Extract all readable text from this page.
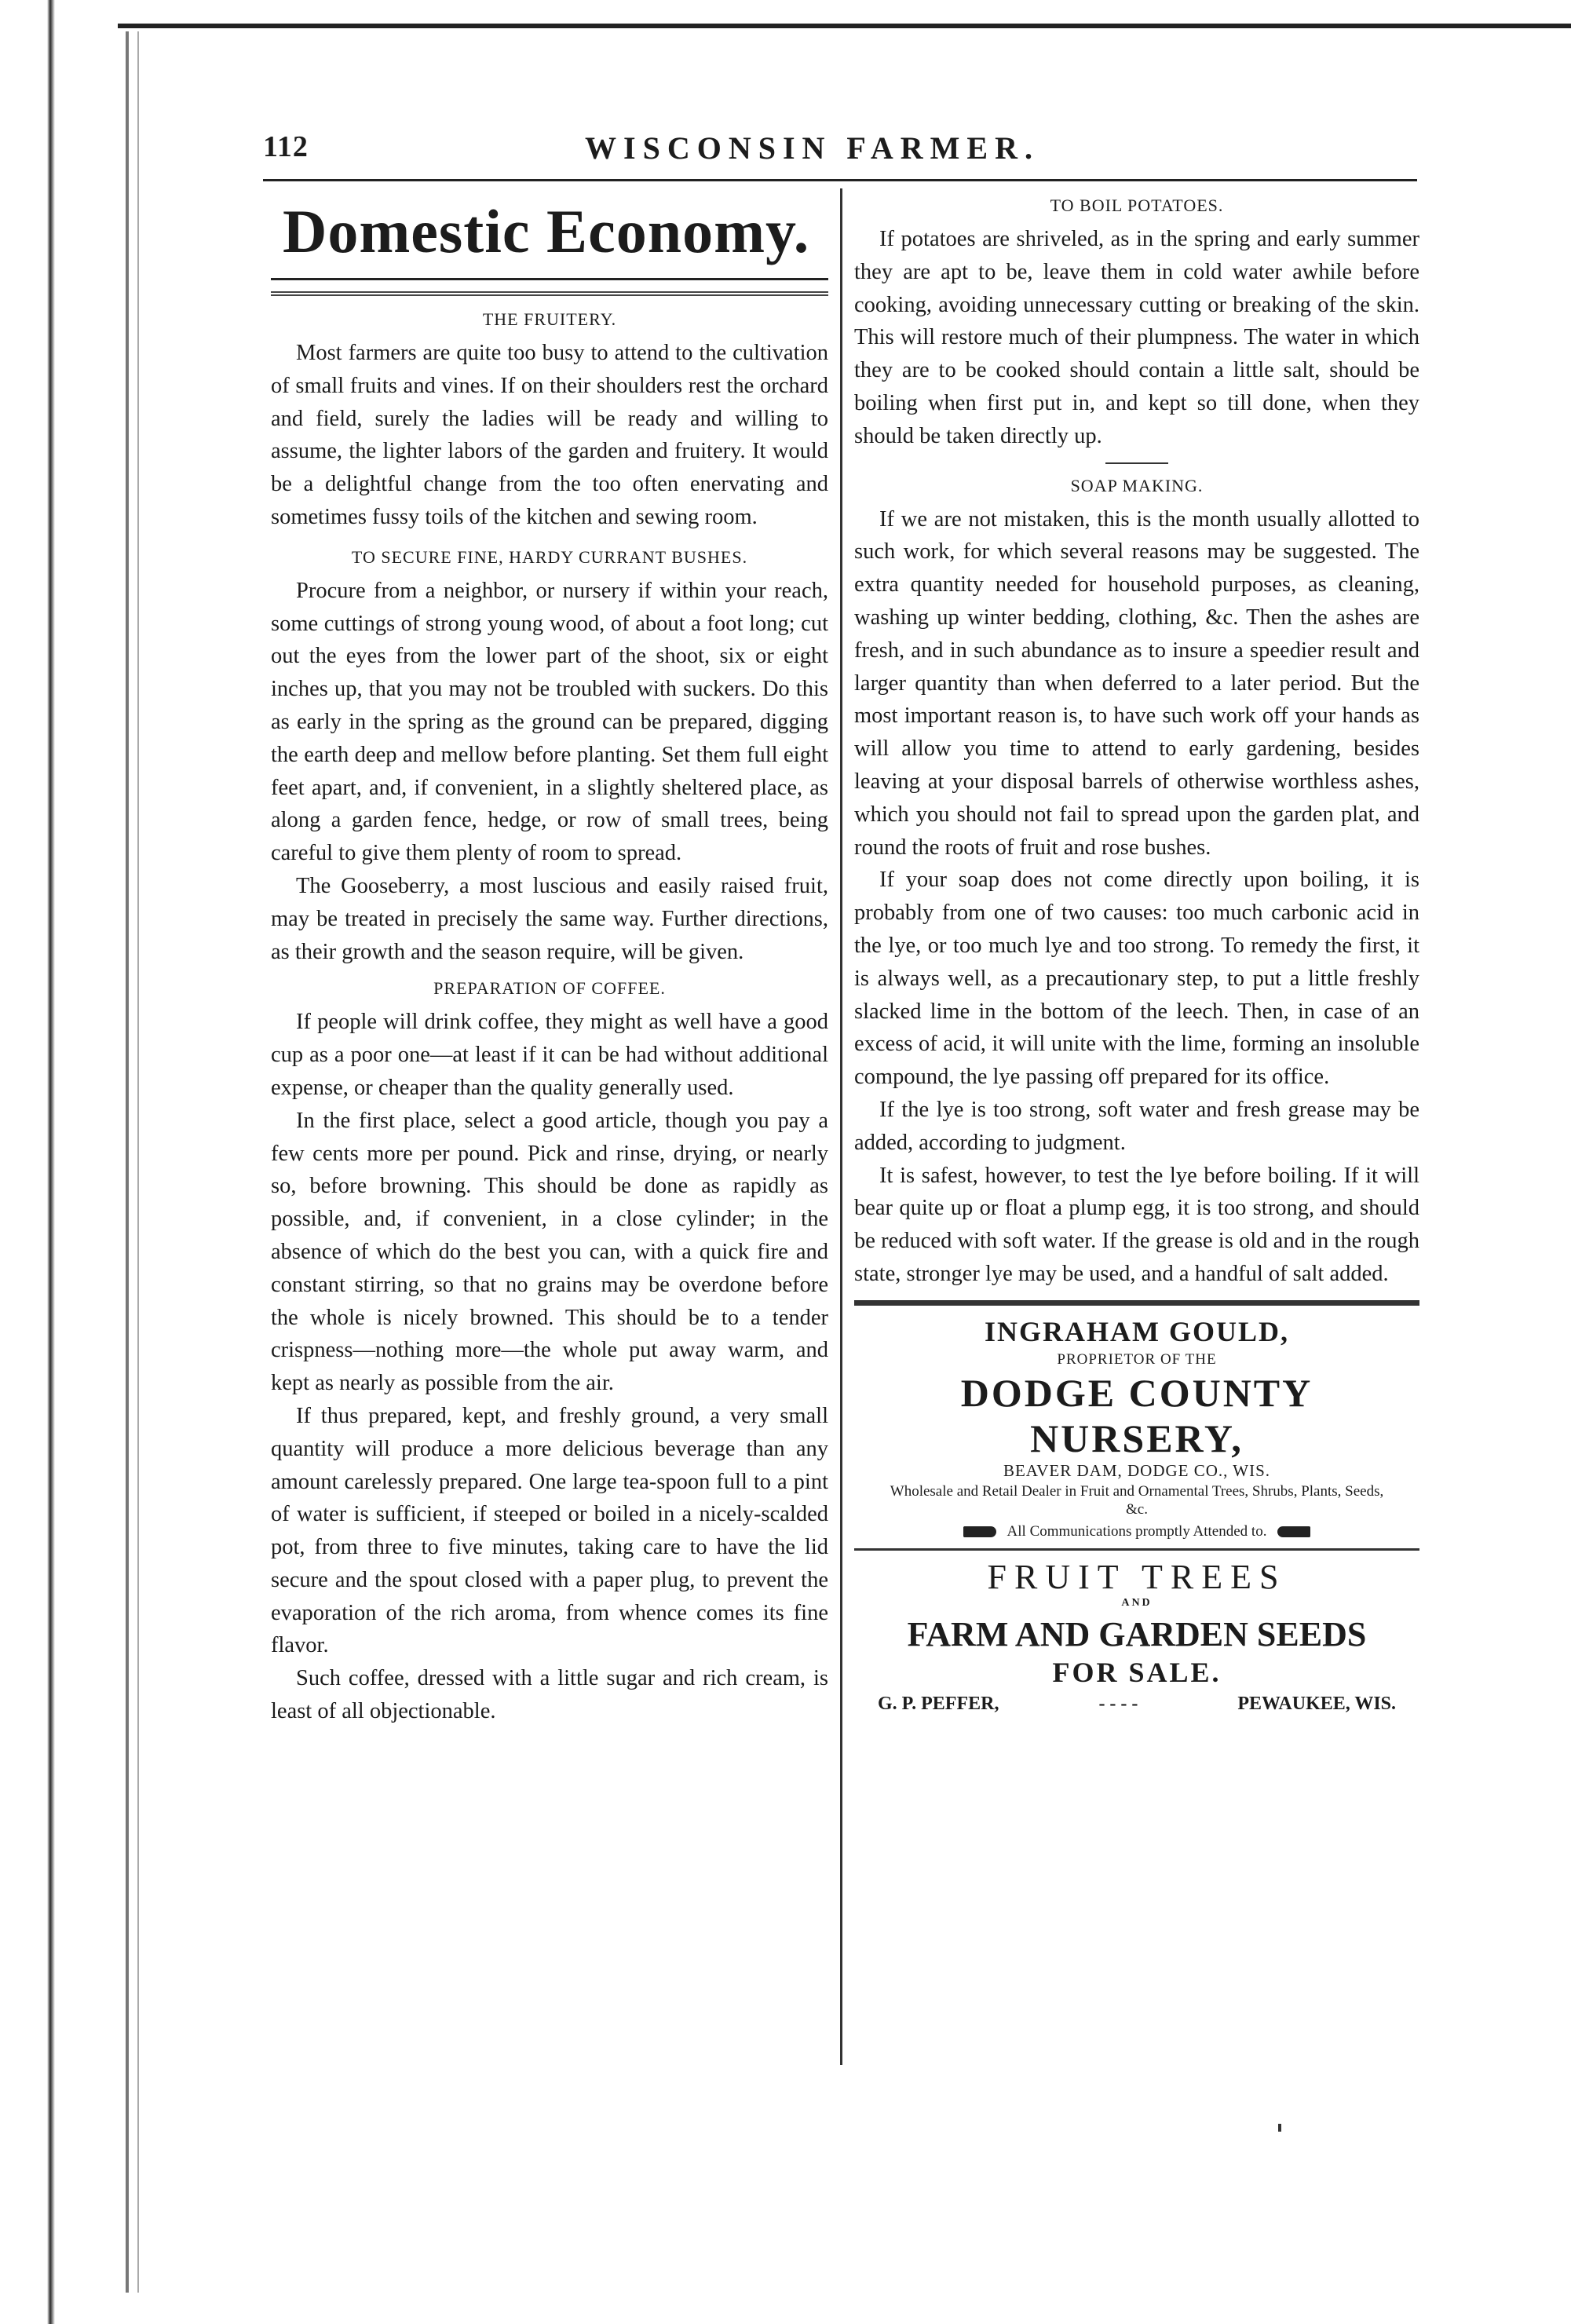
112	WISCONSIN FARMER.
Domestic Economy.
THE FRUITERY.

Most farmers are quite too busy to attend to the cultivation of small fruits and vines. If on their shoulders rest the orchard and field, surely the ladies will be ready and willing to assume, the lighter labors of the garden and fruitery. It would be a delightful change from the too often enervating and sometimes fussy toils of the kitchen and sewing room.

TO SECURE FINE, HARDY CURRANT BUSHES.

Procure from a neighbor, or nursery if within your reach, some cuttings of strong young wood, of about a foot long; cut out the eyes from the lower part of the shoot, six or eight inches up, that you may not be troubled with suckers. Do this as early in the spring as the ground can be prepared, digging the earth deep and mellow before planting. Set them full eight feet apart, and, if convenient, in a slightly sheltered place, as along a garden fence, hedge, or row of small trees, being careful to give them plenty of room to spread.

The Gooseberry, a most luscious and easily raised fruit, may be treated in precisely the same way. Further directions, as their growth and the season require, will be given.

PREPARATION OF COFFEE.

If people will drink coffee, they might as well have a good cup as a poor one—at least if it can be had without additional expense, or cheaper than the quality generally used.

In the first place, select a good article, though you pay a few cents more per pound. Pick and rinse, drying, or nearly so, before browning. This should be done as rapidly as possible, and, if convenient, in a close cylinder; in the absence of which do the best you can, with a quick fire and constant stirring, so that no grains may be overdone before the whole is nicely browned. This should be to a tender crispness—nothing more—the whole put away warm, and kept as nearly as possible from the air.

If thus prepared, kept, and freshly ground, a very small quantity will produce a more delicious beverage than any amount carelessly prepared. One large tea-spoon full to a pint of water is sufficient, if steeped or boiled in a nicely-scalded pot, from three to five minutes, taking care to have the lid secure and the spout closed with a paper plug, to prevent the evaporation of the rich aroma, from whence comes its fine flavor.

Such coffee, dressed with a little sugar and rich cream, is least of all objectionable.

TO BOIL POTATOES.

If potatoes are shriveled, as in the spring and early summer they are apt to be, leave them in cold water awhile before cooking, avoiding unnecessary cutting or breaking of the skin. This will restore much of their plumpness. The water in which they are to be cooked should contain a little salt, should be boiling when first put in, and kept so till done, when they should be taken directly up.

SOAP MAKING.

If we are not mistaken, this is the month usually allotted to such work, for which several reasons may be suggested. The extra quantity needed for household purposes, as cleaning, washing up winter bedding, clothing, &c. Then the ashes are fresh, and in such abundance as to insure a speedier result and larger quantity than when deferred to a later period. But the most important reason is, to have such work off your hands as will allow you time to attend to early gardening, besides leaving at your disposal barrels of otherwise worthless ashes, which you should not fail to spread upon the garden plat, and round the roots of fruit and rose bushes.

If your soap does not come directly upon boiling, it is probably from one of two causes: too much carbonic acid in the lye, or too much lye and too strong. To remedy the first, it is always well, as a precautionary step, to put a little freshly slacked lime in the bottom of the leech. Then, in case of an excess of acid, it will unite with the lime, forming an insoluble compound, the lye passing off prepared for its office.

If the lye is too strong, soft water and fresh grease may be added, according to judgment.

It is safest, however, to test the lye before boiling. If it will bear quite up or float a plump egg, it is too strong, and should be reduced with soft water. If the grease is old and in the rough state, stronger lye may be used, and a handful of salt added.

INGRAHAM GOULD,
PROPRIETOR OF THE
DODGE COUNTY NURSERY,
BEAVER DAM, DODGE CO., WIS.
Wholesale and Retail Dealer in Fruit and Ornamental Trees, Shrubs, Plants, Seeds, &c.
All Communications promptly Attended to.
FRUIT TREES
AND
FARM AND GARDEN SEEDS
FOR SALE.
G. P. PEFFER,	- - - -	PEWAUKEE, WIS.
